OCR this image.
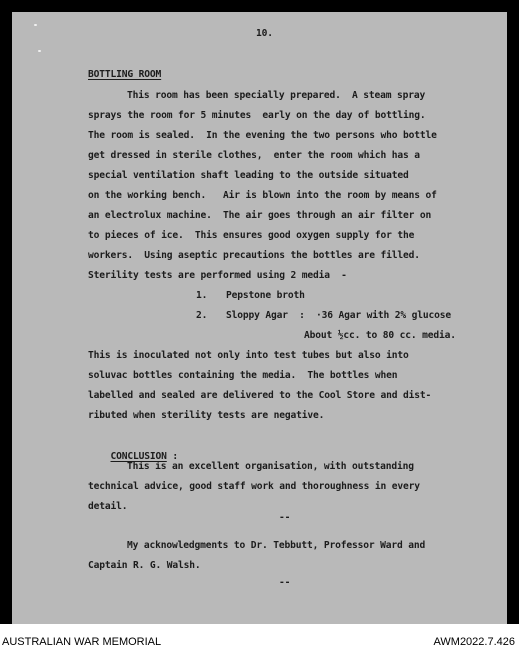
10.
BOTTLING ROOM
This room has been specially prepared.  A steam spray
sprays the room for 5 minutes  early on the day of bottling.
The room is sealed.  In the evening the two persons who bottle
get dressed in sterile clothes,  enter the room which has a
special ventilation shaft leading to the outside situated
on the working bench.   Air is blown into the room by means of
an electrolux machine.  The air goes through an air filter on
to pieces of ice.  This ensures good oxygen supply for the
workers.  Using aseptic precautions the bottles are filled.
Sterility tests are performed using 2 media  -
1. Pepstone broth
2. Sloppy Agar  :  ·36 Agar with 2% glucose
About ½cc. to 80 cc. media.
This is inoculated not only into test tubes but also into
soluvac bottles containing the media.  The bottles when
labelled and sealed are delivered to the Cool Store and dist-
ributed when sterility tests are negative.

CONCLUSION :

This is an excellent organisation, with outstanding
technical advice, good staff work and thoroughness in every
detail.
--
My acknowledgments to Dr. Tebbutt, Professor Ward and
Captain R. G. Walsh.
--
AUSTRALIAN WAR MEMORIAL	AWM2022.7.426
